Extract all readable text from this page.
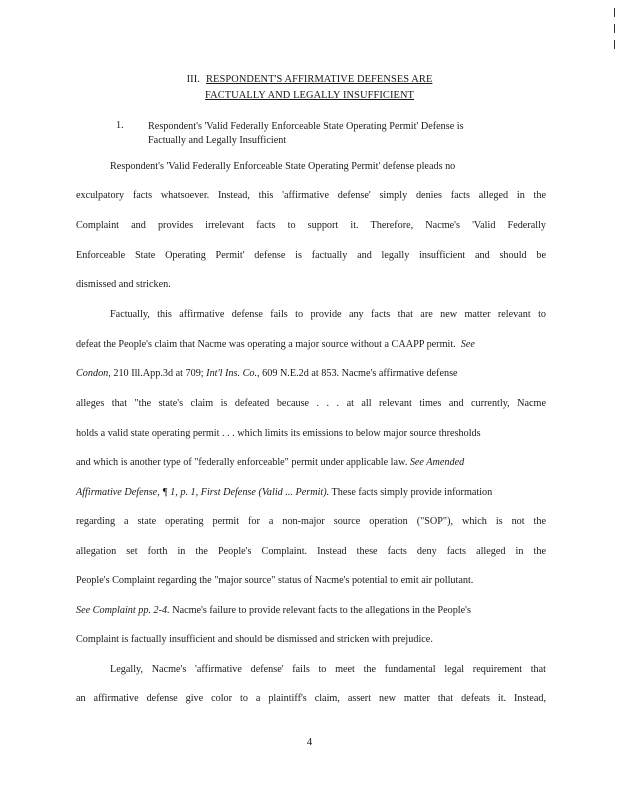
III. RESPONDENT'S AFFIRMATIVE DEFENSES ARE
FACTUALLY AND LEGALLY INSUFFICIENT
1. Respondent's 'Valid Federally Enforceable State Operating Permit' Defense is
Factually and Legally Insufficient
Respondent's 'Valid Federally Enforceable State Operating Permit' defense pleads no
exculpatory facts whatsoever. Instead, this 'affirmative defense' simply denies facts alleged in the
Complaint and provides irrelevant facts to support it. Therefore, Nacme's 'Valid Federally
Enforceable State Operating Permit' defense is factually and legally insufficient and should be
dismissed and stricken.
Factually, this affirmative defense fails to provide any facts that are new matter relevant to
defeat the People's claim that Nacme was operating a major source without a CAAPP permit. See
Condon, 210 Ill.App.3d at 709; Int'l Ins. Co., 609 N.E.2d at 853. Nacme's affirmative defense
alleges that "the state's claim is defeated because . . . at all relevant times and currently, Nacme
holds a valid state operating permit . . . which limits its emissions to below major source thresholds
and which is another type of "federally enforceable" permit under applicable law. See Amended
Affirmative Defense, ¶ 1, p. 1, First Defense (Valid ... Permit). These facts simply provide information
regarding a state operating permit for a non-major source operation ("SOP"), which is not the
allegation set forth in the People's Complaint. Instead these facts deny facts alleged in the
People's Complaint regarding the "major source" status of Nacme's potential to emit air pollutant.
See Complaint pp. 2-4. Nacme's failure to provide relevant facts to the allegations in the People's
Complaint is factually insufficient and should be dismissed and stricken with prejudice.
Legally, Nacme's 'affirmative defense' fails to meet the fundamental legal requirement that
an affirmative defense give color to a plaintiff's claim, assert new matter that defeats it. Instead,
4
